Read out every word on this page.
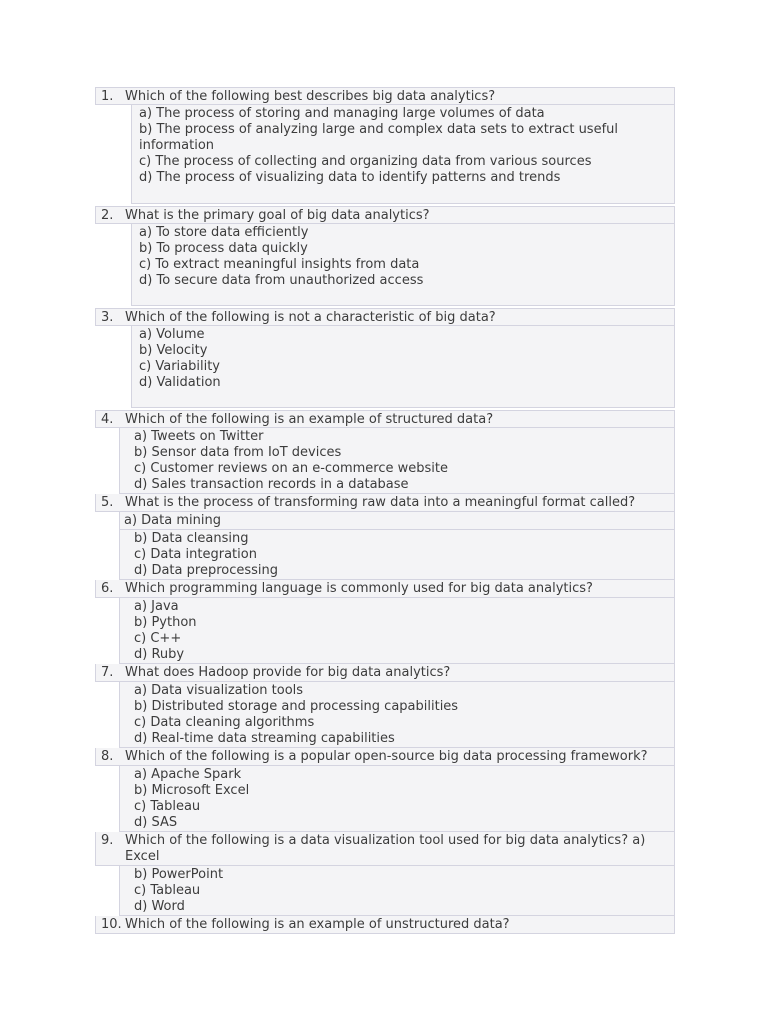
1. Which of the following best describes big data analytics?
a) The process of storing and managing large volumes of data
b) The process of analyzing large and complex data sets to extract useful information
c) The process of collecting and organizing data from various sources
d) The process of visualizing data to identify patterns and trends
2. What is the primary goal of big data analytics?
a) To store data efficiently
b) To process data quickly
c) To extract meaningful insights from data
d) To secure data from unauthorized access
3. Which of the following is not a characteristic of big data?
a) Volume
b) Velocity
c) Variability
d) Validation
4. Which of the following is an example of structured data?
a) Tweets on Twitter
b) Sensor data from IoT devices
c) Customer reviews on an e-commerce website
d) Sales transaction records in a database
5. What is the process of transforming raw data into a meaningful format called?
a) Data mining
b) Data cleansing
c) Data integration
d) Data preprocessing
6. Which programming language is commonly used for big data analytics?
a) Java
b) Python
c) C++
d) Ruby
7. What does Hadoop provide for big data analytics?
a) Data visualization tools
b) Distributed storage and processing capabilities
c) Data cleaning algorithms
d) Real-time data streaming capabilities
8. Which of the following is a popular open-source big data processing framework?
a) Apache Spark
b) Microsoft Excel
c) Tableau
d) SAS
9. Which of the following is a data visualization tool used for big data analytics? a) Excel
b) PowerPoint
c) Tableau
d) Word
10. Which of the following is an example of unstructured data?
